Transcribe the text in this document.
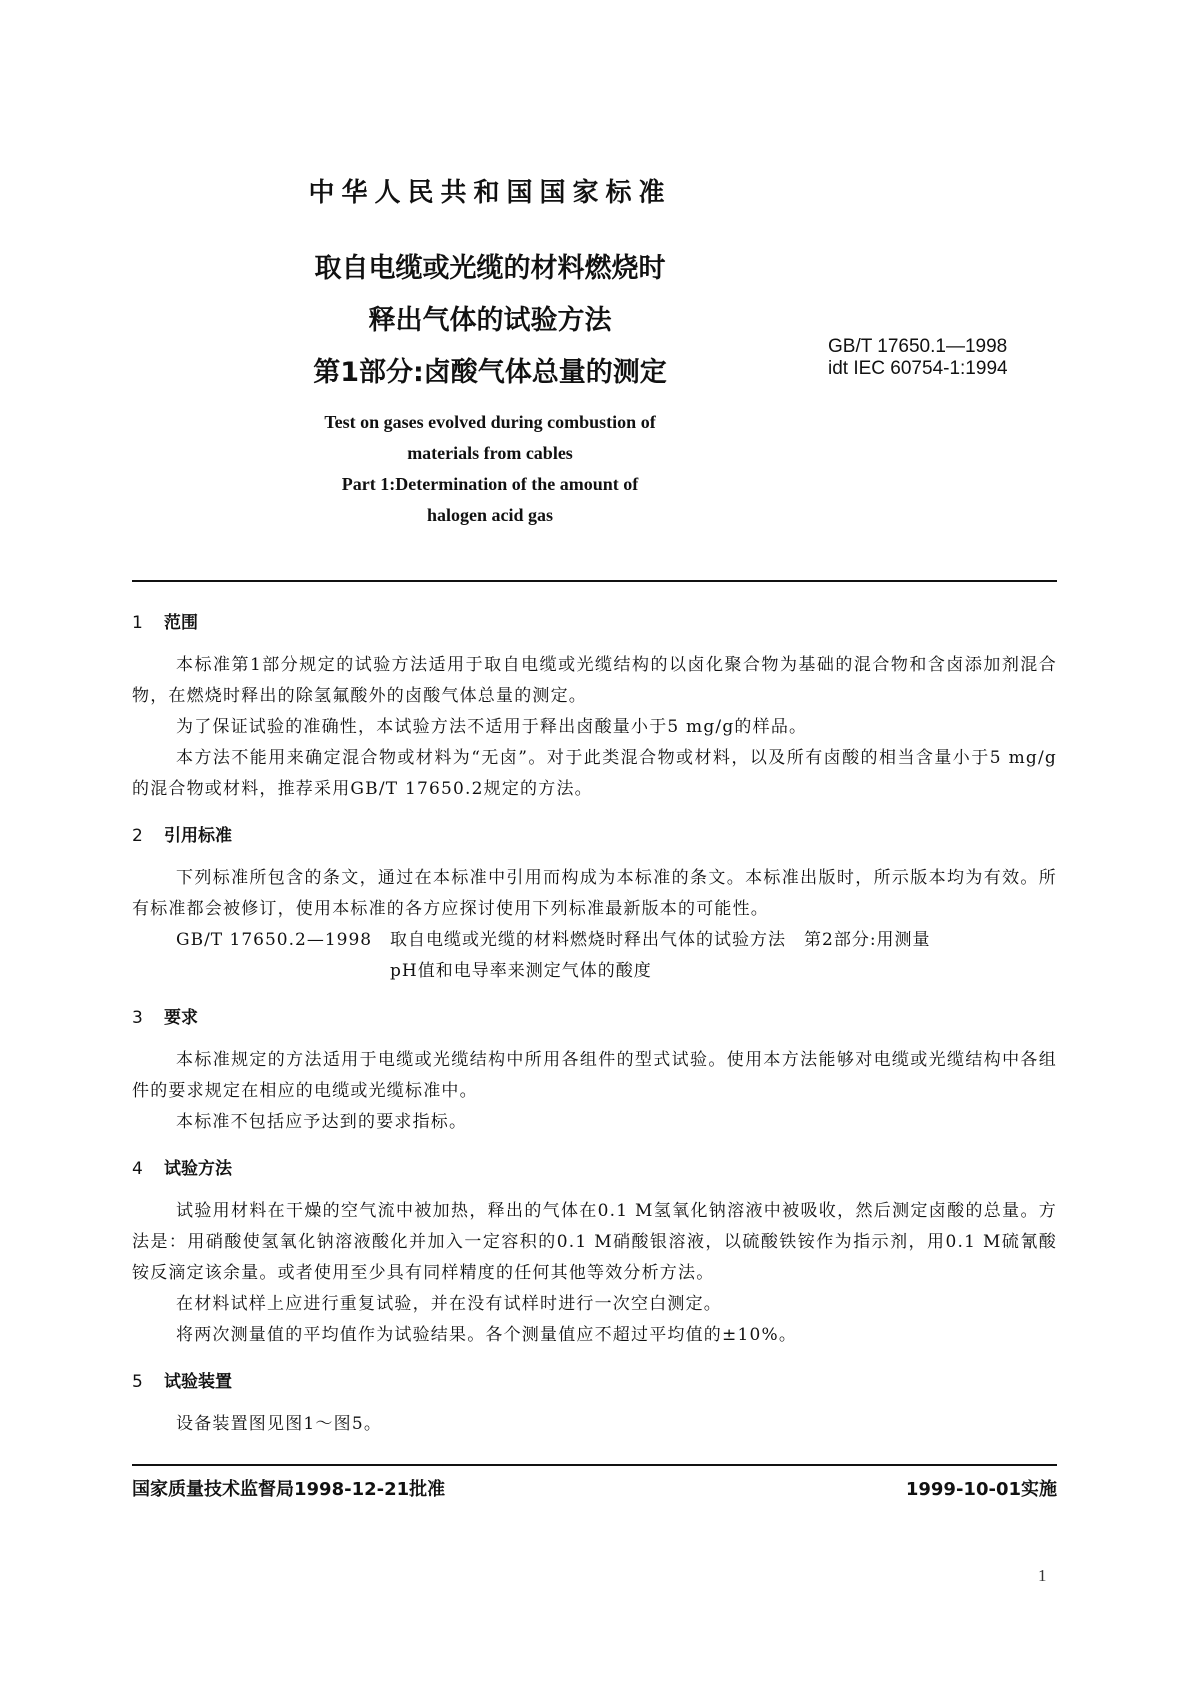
中华人民共和国国家标准
取自电缆或光缆的材料燃烧时
释出气体的试验方法
第1部分:卤酸气体总量的测定
GB/T 17650.1—1998
idt IEC 60754-1:1994
Test on gases evolved during combustion of
materials from cables
Part 1:Determination of the amount of
halogen acid gas
1 范围
本标准第1部分规定的试验方法适用于取自电缆或光缆结构的以卤化聚合物为基础的混合物和含卤添加剂混合物，在燃烧时释出的除氢氟酸外的卤酸气体总量的测定。
为了保证试验的准确性，本试验方法不适用于释出卤酸量小于5 mg/g的样品。
本方法不能用来确定混合物或材料为“无卤”。对于此类混合物或材料，以及所有卤酸的相当含量小于5 mg/g的混合物或材料，推荐采用GB/T 17650.2规定的方法。
2 引用标准
下列标准所包含的条文，通过在本标准中引用而构成为本标准的条文。本标准出版时，所示版本均为有效。所有标准都会被修订，使用本标准的各方应探讨使用下列标准最新版本的可能性。
GB/T 17650.2—1998 取自电缆或光缆的材料燃烧时释出气体的试验方法　第2部分:用测量
pH值和电导率来测定气体的酸度
3 要求
本标准规定的方法适用于电缆或光缆结构中所用各组件的型式试验。使用本方法能够对电缆或光缆结构中各组件的要求规定在相应的电缆或光缆标准中。
本标准不包括应予达到的要求指标。
4 试验方法
试验用材料在干燥的空气流中被加热，释出的气体在0.1 M氢氧化钠溶液中被吸收，然后测定卤酸的总量。方法是：用硝酸使氢氧化钠溶液酸化并加入一定容积的0.1 M硝酸银溶液，以硫酸铁铵作为指示剂，用0.1 M硫氰酸铵反滴定该余量。或者使用至少具有同样精度的任何其他等效分析方法。
在材料试样上应进行重复试验，并在没有试样时进行一次空白测定。
将两次测量值的平均值作为试验结果。各个测量值应不超过平均值的±10%。
5 试验装置
设备装置图见图1～图5。
国家质量技术监督局1998-12-21批准	1999-10-01实施
1
